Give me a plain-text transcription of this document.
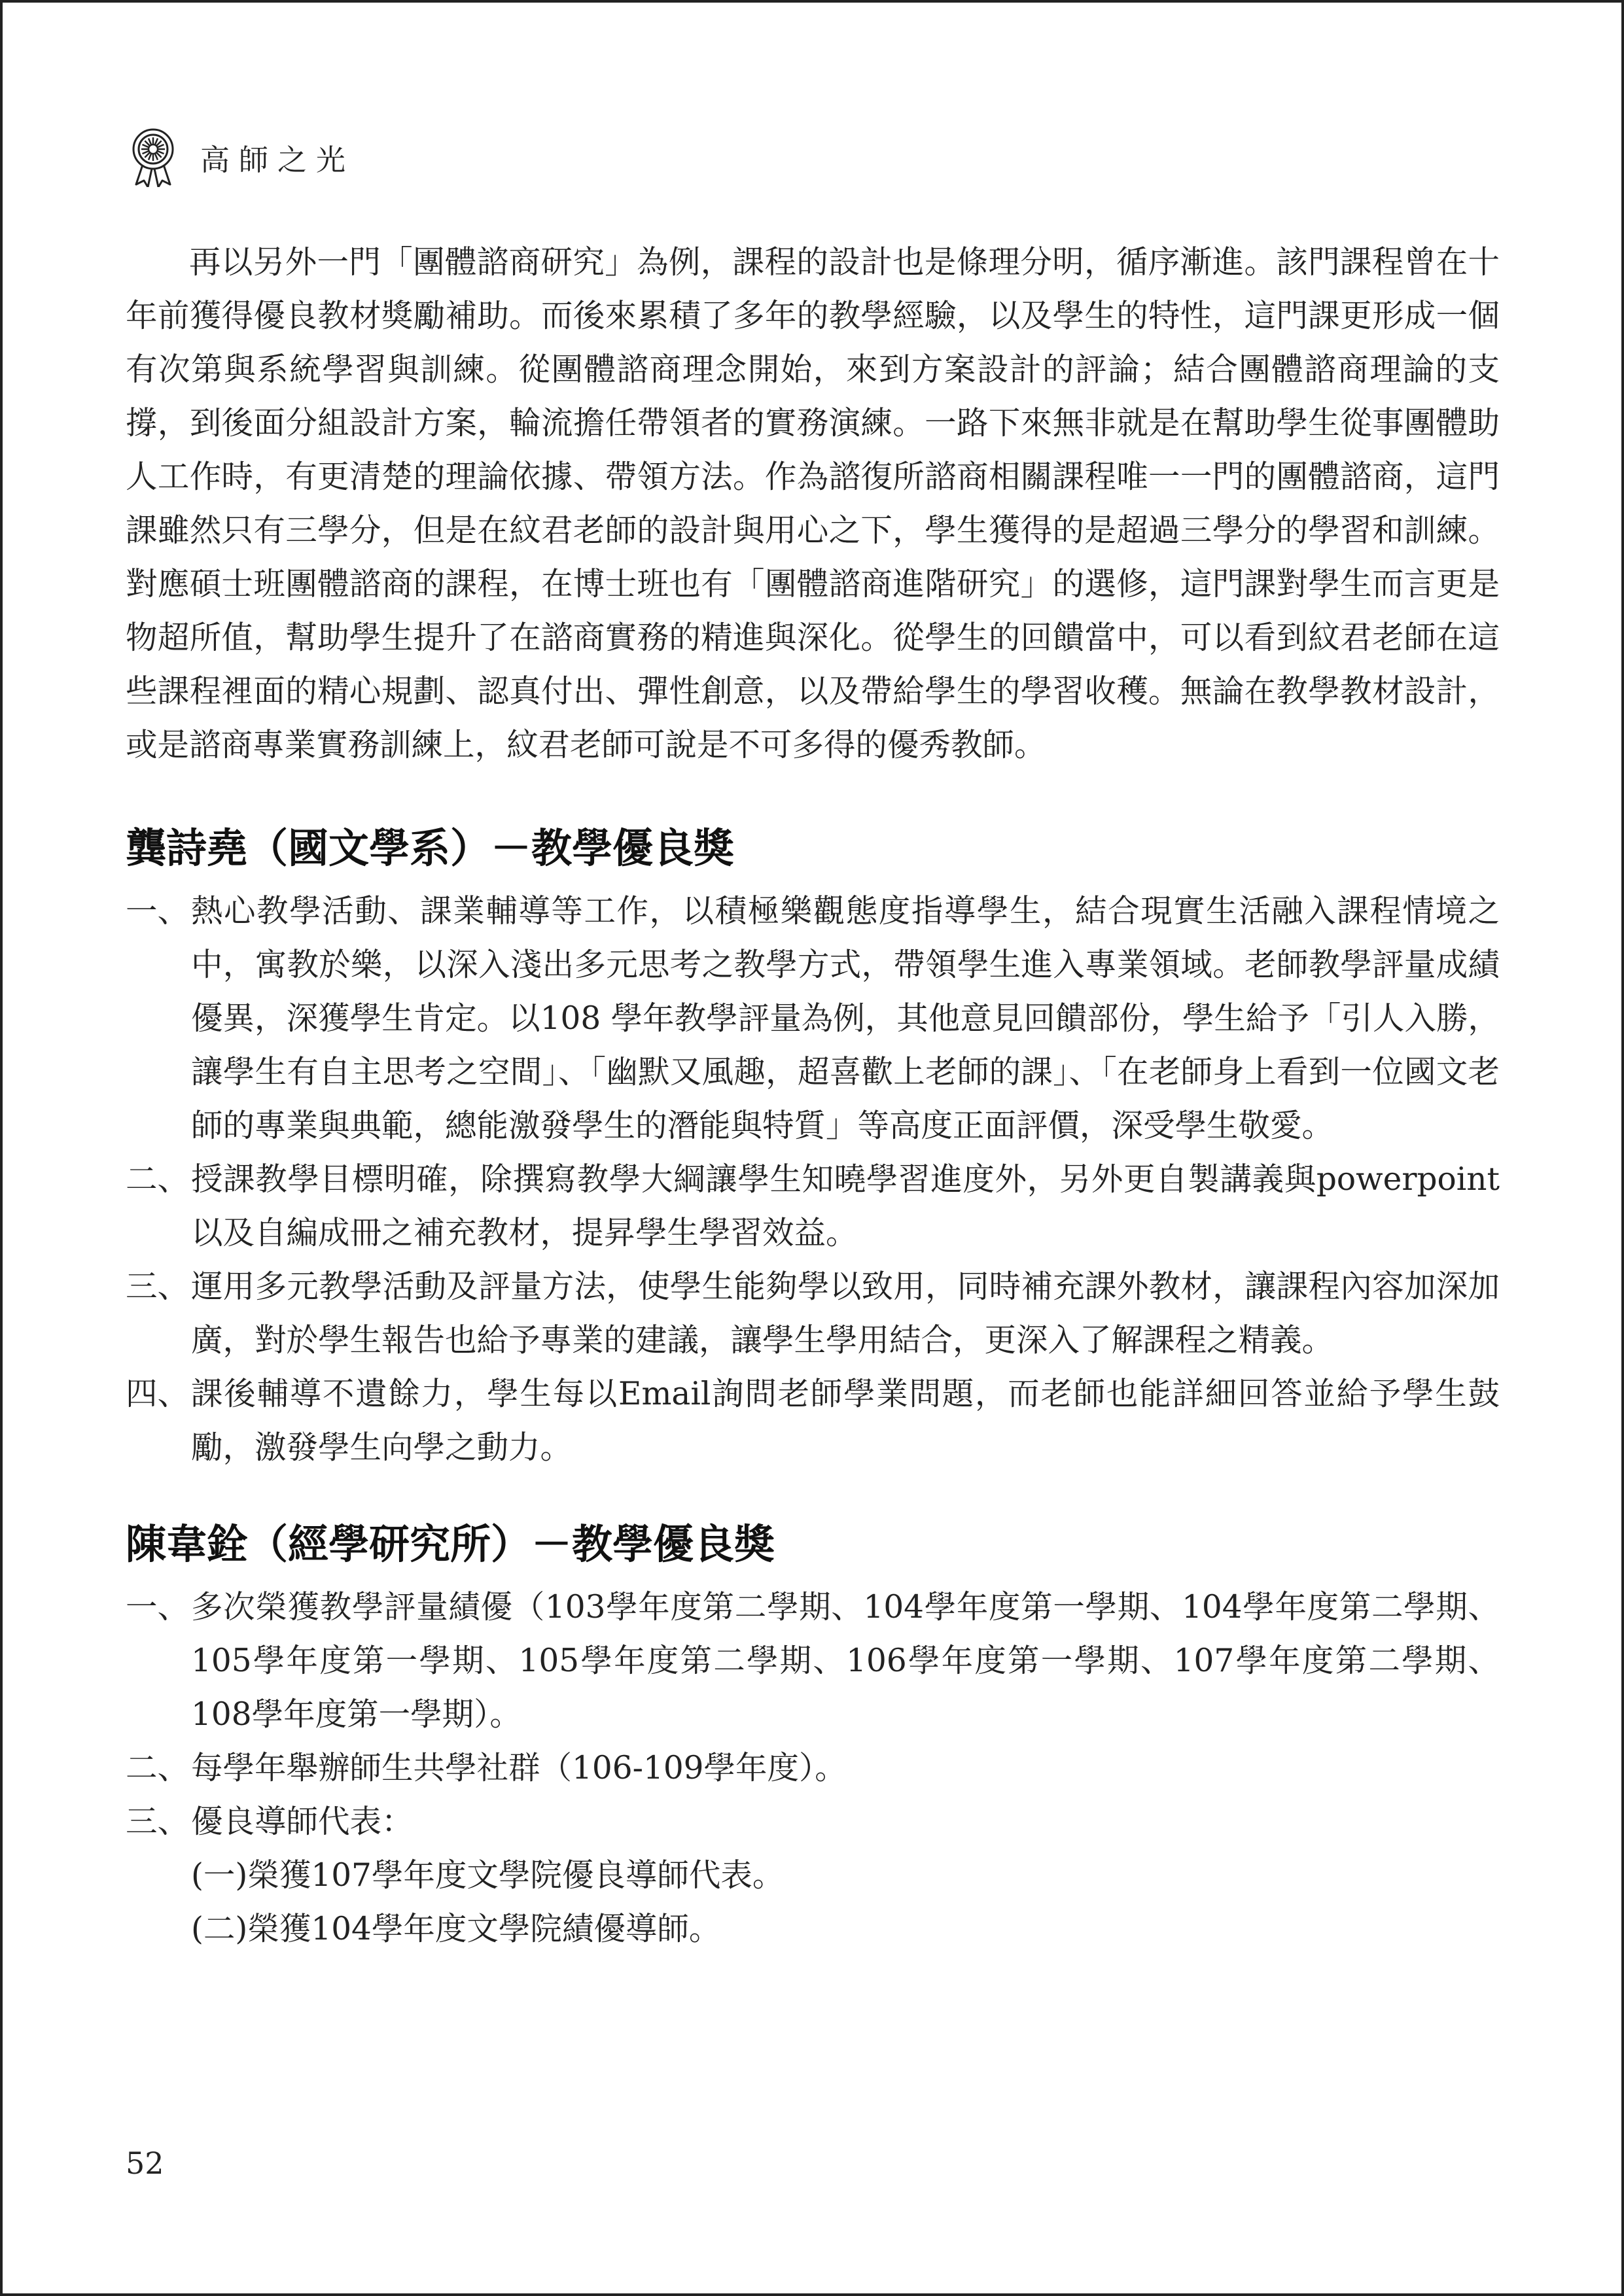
高師之光

再以另外一門「團體諮商研究」為例，課程的設計也是條理分明，循序漸進。該門課程曾在十年前獲得優良教材獎勵補助。而後來累積了多年的教學經驗，以及學生的特性，這門課更形成一個有次第與系統學習與訓練。從團體諮商理念開始，來到方案設計的評論；結合團體諮商理論的支撐，到後面分組設計方案，輪流擔任帶領者的實務演練。一路下來無非就是在幫助學生從事團體助人工作時，有更清楚的理論依據、帶領方法。作為諮復所諮商相關課程唯一一門的團體諮商，這門課雖然只有三學分，但是在紋君老師的設計與用心之下，學生獲得的是超過三學分的學習和訓練。對應碩士班團體諮商的課程，在博士班也有「團體諮商進階研究」的選修，這門課對學生而言更是物超所值，幫助學生提升了在諮商實務的精進與深化。從學生的回饋當中，可以看到紋君老師在這些課程裡面的精心規劃、認真付出、彈性創意，以及帶給學生的學習收穫。無論在教學教材設計，或是諮商專業實務訓練上，紋君老師可說是不可多得的優秀教師。

龔詩堯（國文學系）－教學優良獎
一、 熱心教學活動、課業輔導等工作，以積極樂觀態度指導學生，結合現實生活融入課程情境之中，寓教於樂，以深入淺出多元思考之教學方式，帶領學生進入專業領域。老師教學評量成績優異，深獲學生肯定。以108 學年教學評量為例，其他意見回饋部份，學生給予「引人入勝，讓學生有自主思考之空間」、「幽默又風趣，超喜歡上老師的課」、「在老師身上看到一位國文老師的專業與典範，總能激發學生的潛能與特質」等高度正面評價，深受學生敬愛。
二、 授課教學目標明確，除撰寫教學大綱讓學生知曉學習進度外，另外更自製講義與powerpoint以及自編成冊之補充教材，提昇學生學習效益。
三、 運用多元教學活動及評量方法，使學生能夠學以致用，同時補充課外教材，讓課程內容加深加廣，對於學生報告也給予專業的建議，讓學生學用結合，更深入了解課程之精義。
四、 課後輔導不遺餘力，學生每以Email詢問老師學業問題，而老師也能詳細回答並給予學生鼓勵，激發學生向學之動力。
陳韋銓（經學研究所）－教學優良獎
一、 多次榮獲教學評量績優（103學年度第二學期、104學年度第一學期、104學年度第二學期、105學年度第一學期、105學年度第二學期、106學年度第一學期、107學年度第二學期、108學年度第一學期）。
二、 每學年舉辦師生共學社群（106-109學年度）。
三、 優良導師代表：
(一)榮獲107學年度文學院優良導師代表。
(二)榮獲104學年度文學院績優導師。
52
